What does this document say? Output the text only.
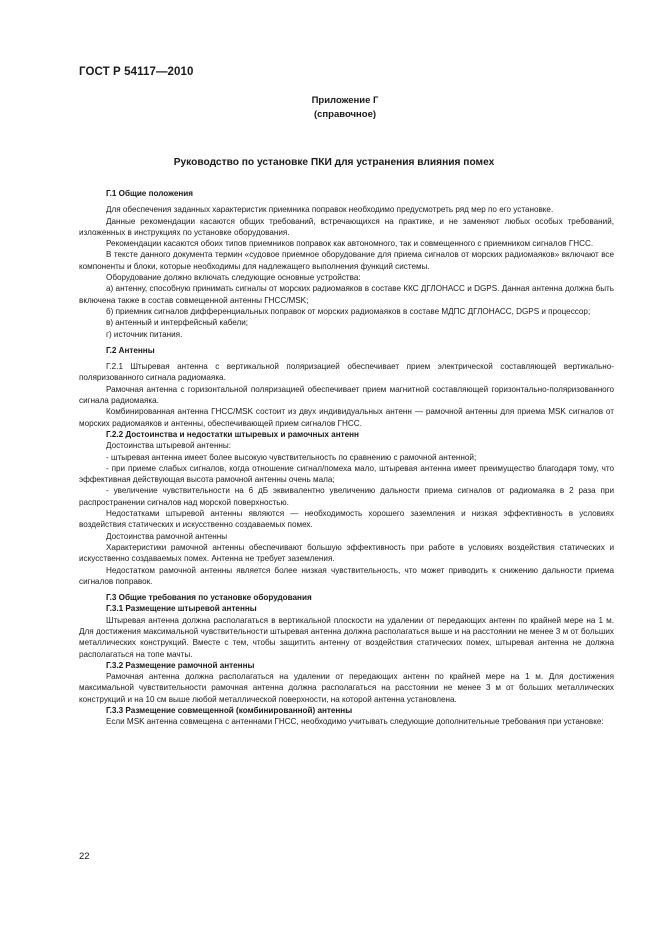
ГОСТ Р 54117—2010
Приложение Г
(справочное)
Руководство по установке ПКИ для устранения влияния помех

Г.1 Общие положения

Для обеспечения заданных характеристик приемника поправок необходимо предусмотреть ряд мер по его установке.

Данные рекомендации касаются общих требований, встречающихся на практике, и не заменяют любых особых требований, изложенных в инструкциях по установке оборудования.

Рекомендации касаются обоих типов приемников поправок как автономного, так и совмещенного с приемником сигналов ГНСС.

В тексте данного документа термин «судовое приемное оборудование для приема сигналов от морских радиомаяков» включают все компоненты и блоки, которые необходимы для надлежащего выполнения функций системы.

Оборудование должно включать следующие основные устройства:

а) антенну, способную принимать сигналы от морских радиомаяков в составе ККС ДГЛОНАСС и DGPS. Данная антенна должна быть включена также в состав совмещенной антенны ГНСС/MSK;

б) приемник сигналов дифференциальных поправок от морских радиомаяков в составе МДПС ДГЛОНАСС, DGPS и процессор;

в) антенный и интерфейсный кабели;

г) источник питания.

Г.2 Антенны

Г.2.1 Штыревая антенна с вертикальной поляризацией обеспечивает прием электрической составляющей вертикально-поляризованного сигнала радиомаяка.

Рамочная антенна с горизонтальной поляризацией обеспечивает прием магнитной составляющей горизонтально-поляризованного сигнала радиомаяка.

Комбинированная антенна ГНСС/MSK состоит из двух индивидуальных антенн — рамочной антенны для приема MSK сигналов от морских радиомаяков и антенны, обеспечивающей прием сигналов ГНСС.

Г.2.2 Достоинства и недостатки штыревых и рамочных антенн

Достоинства штыревой антенны:

- штыревая антенна имеет более высокую чувствительность по сравнению с рамочной антенной;

- при приеме слабых сигналов, когда отношение сигнал/помеха мало, штыревая антенна имеет преимущество благодаря тому, что эффективная действующая высота рамочной антенны очень мала;

- увеличение чувствительности на 6 дБ эквивалентно увеличению дальности приема сигналов от радиомаяка в 2 раза при распространении сигналов над морской поверхностью.

Недостатками штыревой антенны являются — необходимость хорошего заземления и низкая эффективность в условиях воздействия статических и искусственно создаваемых помех.

Достоинства рамочной антенны

Характеристики рамочной антенны обеспечивают большую эффективность при работе в условиях воздействия статических и искусственно создаваемых помех. Антенна не требует заземления.

Недостатком рамочной антенны является более низкая чувствительность, что может приводить к снижению дальности приема сигналов поправок.

Г.3 Общие требования по установке оборудования

Г.3.1 Размещение штыревой антенны

Штыревая антенна должна располагаться в вертикальной плоскости на удалении от передающих антенн по крайней мере на 1 м. Для достижения максимальной чувствительности штыревая антенна должна располагаться выше и на расстоянии не менее 3 м от больших металлических конструкций. Вместе с тем, чтобы защитить антенну от воздействия статических помех, штыревая антенна не должна располагаться на топе мачты.

Г.3.2 Размещение рамочной антенны

Рамочная антенна должна располагаться на удалении от передающих антенн по крайней мере на 1 м. Для достижения максимальной чувствительности рамочная антенна должна располагаться на расстоянии не менее 3 м от больших металлических конструкций и на 10 см выше любой металлической поверхности, на которой антенна установлена.

Г.3.3 Размещение совмещенной (комбинированной) антенны

Если MSK антенна совмещена с антеннами ГНСС, необходимо учитывать следующие дополнительные требования при установке:

22
